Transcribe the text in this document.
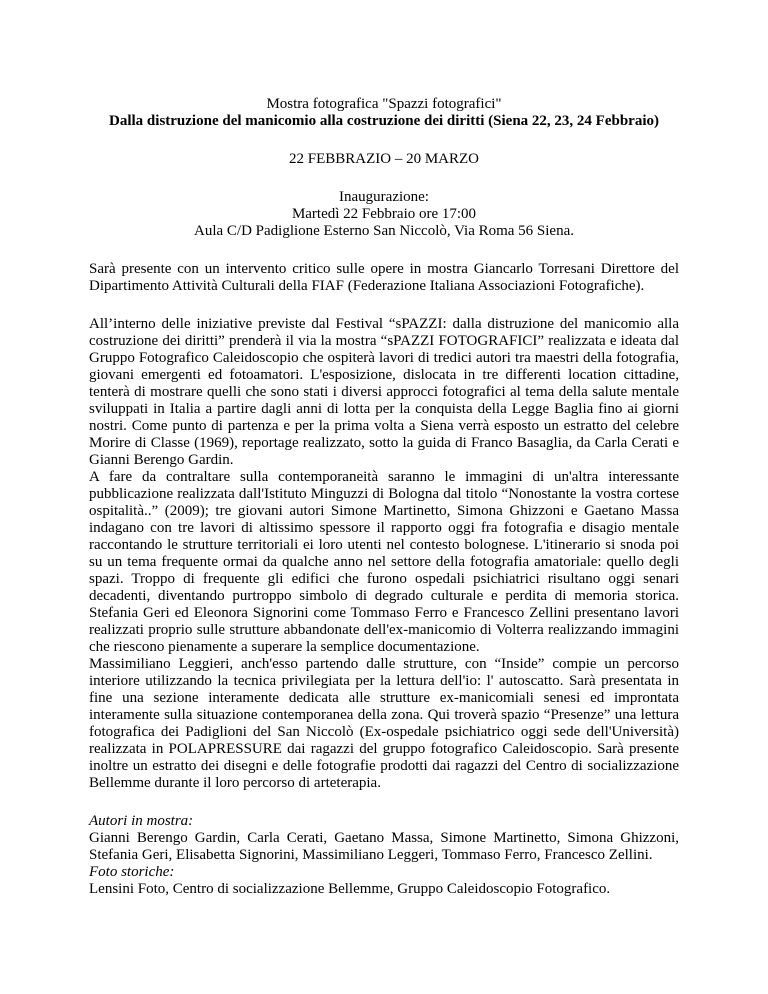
Mostra fotografica "Spazzi fotografici"

Dalla distruzione del manicomio alla costruzione dei diritti (Siena 22, 23, 24 Febbraio)

22 FEBBRAZIO – 20 MARZO

Inaugurazione:

Martedì 22 Febbraio ore 17:00

Aula C/D Padiglione Esterno San Niccolò, Via Roma 56 Siena.

Sarà presente con un intervento critico sulle opere in mostra Giancarlo Torresani Direttore del Dipartimento Attività Culturali della FIAF (Federazione Italiana Associazioni Fotografiche).

All’interno delle iniziative previste dal Festival “sPAZZI: dalla distruzione del manicomio alla costruzione dei diritti” prenderà il via la mostra “sPAZZI FOTOGRAFICI” realizzata e ideata dal Gruppo Fotografico Caleidoscopio che ospiterà lavori di tredici autori tra maestri della fotografia, giovani emergenti ed fotoamatori. L'esposizione, dislocata in tre differenti location cittadine, tenterà di mostrare quelli che sono stati i diversi approcci fotografici al tema della salute mentale sviluppati in Italia a partire dagli anni di lotta per la conquista della Legge Baglia fino ai giorni nostri. Come punto di partenza e per la prima volta a Siena verrà esposto un estratto del celebre Morire di Classe (1969), reportage realizzato, sotto la guida di Franco Basaglia, da Carla Cerati e Gianni Berengo Gardin.

A fare da contraltare sulla contemporaneità saranno le immagini di un'altra interessante pubblicazione realizzata dall'Istituto Minguzzi di Bologna dal titolo “Nonostante la vostra cortese ospitalità..” (2009); tre giovani autori Simone Martinetto, Simona Ghizzoni e Gaetano Massa indagano con tre lavori di altissimo spessore il rapporto oggi fra fotografia e disagio mentale raccontando le strutture territoriali ei loro utenti nel contesto bolognese. L'itinerario si snoda poi su un tema frequente ormai da qualche anno nel settore della fotografia amatoriale: quello degli spazi. Troppo di frequente gli edifici che furono ospedali psichiatrici risultano oggi senari decadenti, diventando purtroppo simbolo di degrado culturale e perdita di memoria storica. Stefania Geri ed Eleonora Signorini come Tommaso Ferro e Francesco Zellini presentano lavori realizzati proprio sulle strutture abbandonate dell'ex-manicomio di Volterra realizzando immagini che riescono pienamente a superare la semplice documentazione.

Massimiliano Leggieri, anch'esso partendo dalle strutture, con “Inside” compie un percorso interiore utilizzando la tecnica privilegiata per la lettura dell'io: l' autoscatto. Sarà presentata in fine una sezione interamente dedicata alle strutture ex-manicomiali senesi ed improntata interamente sulla situazione contemporanea della zona. Qui troverà spazio “Presenze” una lettura fotografica dei Padiglioni del San Niccolò (Ex-ospedale psichiatrico oggi sede dell'Università) realizzata in POLAPRESSURE dai ragazzi del gruppo fotografico Caleidoscopio. Sarà presente inoltre un estratto dei disegni e delle fotografie prodotti dai ragazzi del Centro di socializzazione Bellemme durante il loro percorso di arteterapia.

Autori in mostra:

Gianni Berengo Gardin, Carla Cerati, Gaetano Massa, Simone Martinetto, Simona Ghizzoni, Stefania Geri, Elisabetta Signorini, Massimiliano Leggeri, Tommaso Ferro, Francesco Zellini.

Foto storiche:

Lensini Foto, Centro di socializzazione Bellemme, Gruppo Caleidoscopio Fotografico.
